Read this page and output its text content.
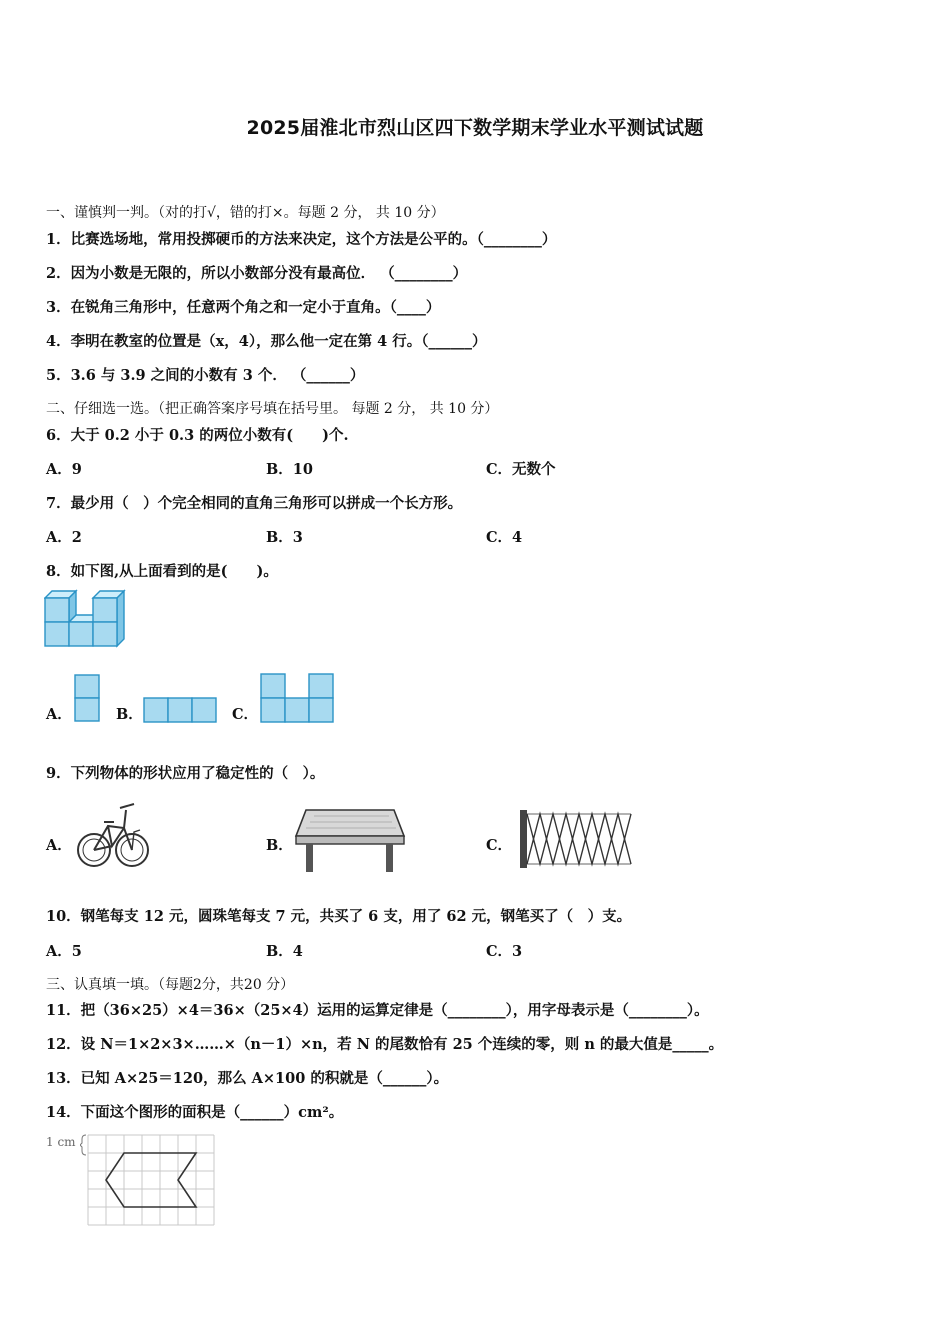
2025届淮北市烈山区四下数学期末学业水平测试试题
一、谨慎判一判。（对的打√，错的打×。每题 2 分， 共 10 分）
1．比赛选场地，常用投掷硬币的方法来决定，这个方法是公平的。（________）
2．因为小数是无限的，所以小数部分没有最高位． （________）
3．在锐角三角形中，任意两个角之和一定小于直角。（____）
4．李明在教室的位置是（x，4），那么他一定在第 4 行。（______）
5．3.6 与 3.9 之间的小数有 3 个． （______）
二、仔细选一选。（把正确答案序号填在括号里。 每题 2 分， 共 10 分）
6．大于 0.2 小于 0.3 的两位小数有(　　)个.
A．9	B．10	C．无数个
7．最少用（　）个完全相同的直角三角形可以拼成一个长方形。
A．2	B．3	C．4
8．如下图,从上面看到的是(　　)。
A．	B．	C．
9．下列物体的形状应用了稳定性的（　）。
A．	B．	C．
10．钢笔每支 12 元，圆珠笔每支 7 元，共买了 6 支，用了 62 元，钢笔买了（　）支。
A．5	B．4	C．3
三、认真填一填。（每题2分，共20 分）
11．把（36×25）×4＝36×（25×4）运用的运算定律是（________），用字母表示是（________）。
12．设 N＝1×2×3×……×（n－1）×n，若 N 的尾数恰有 25 个连续的零，则 n 的最大值是_____。
13．已知 A×25＝120，那么 A×100 的积就是（______）。
14．下面这个图形的面积是（______）cm²。
1 cm
